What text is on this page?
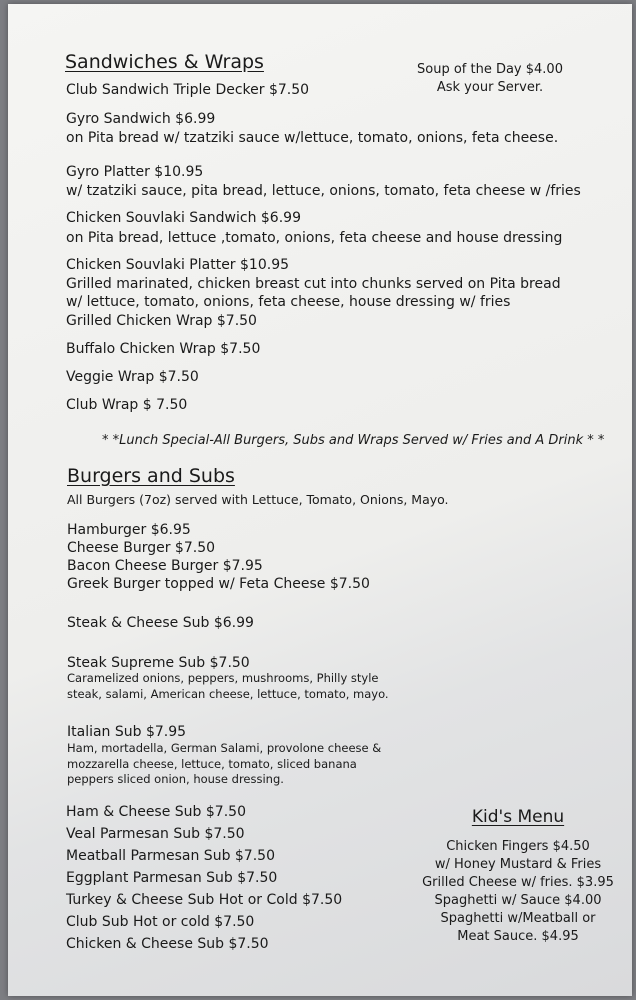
Sandwiches & Wraps
Club Sandwich Triple Decker $7.50
Gyro Sandwich $6.99
on Pita bread w/ tzatziki sauce w/lettuce, tomato, onions, feta cheese.
Gyro Platter $10.95
w/ tzatziki sauce, pita bread, lettuce, onions, tomato, feta cheese w /fries
Chicken Souvlaki Sandwich $6.99
on Pita bread, lettuce ,tomato, onions, feta cheese and house dressing
Chicken Souvlaki Platter $10.95
Grilled marinated, chicken breast cut into chunks served on Pita bread
w/ lettuce, tomato, onions, feta cheese, house dressing w/ fries
Grilled Chicken Wrap $7.50
Buffalo Chicken Wrap $7.50
Veggie Wrap $7.50
Club Wrap $ 7.50
Soup of the Day $4.00
Ask your Server.
* *Lunch Special-All Burgers, Subs and Wraps Served w/ Fries and A Drink * *
Burgers and Subs
All Burgers (7oz) served with Lettuce, Tomato, Onions, Mayo.
Hamburger $6.95
Cheese Burger $7.50
Bacon Cheese Burger $7.95
Greek Burger topped w/ Feta Cheese $7.50
Steak & Cheese Sub $6.99
Steak Supreme Sub $7.50
Caramelized onions, peppers, mushrooms, Philly style steak, salami, American cheese, lettuce, tomato, mayo.
Italian Sub $7.95
Ham, mortadella, German Salami, provolone cheese & mozzarella cheese, lettuce, tomato, sliced banana peppers sliced onion, house dressing.
Ham & Cheese Sub $7.50
Veal Parmesan Sub $7.50
Meatball Parmesan Sub $7.50
Eggplant Parmesan Sub $7.50
Turkey & Cheese Sub Hot or Cold $7.50
Club Sub Hot or cold $7.50
Chicken & Cheese Sub $7.50
Kid's Menu
Chicken Fingers $4.50
w/ Honey Mustard & Fries
Grilled Cheese w/ fries. $3.95
Spaghetti w/ Sauce $4.00
Spaghetti w/Meatball or
Meat Sauce. $4.95
